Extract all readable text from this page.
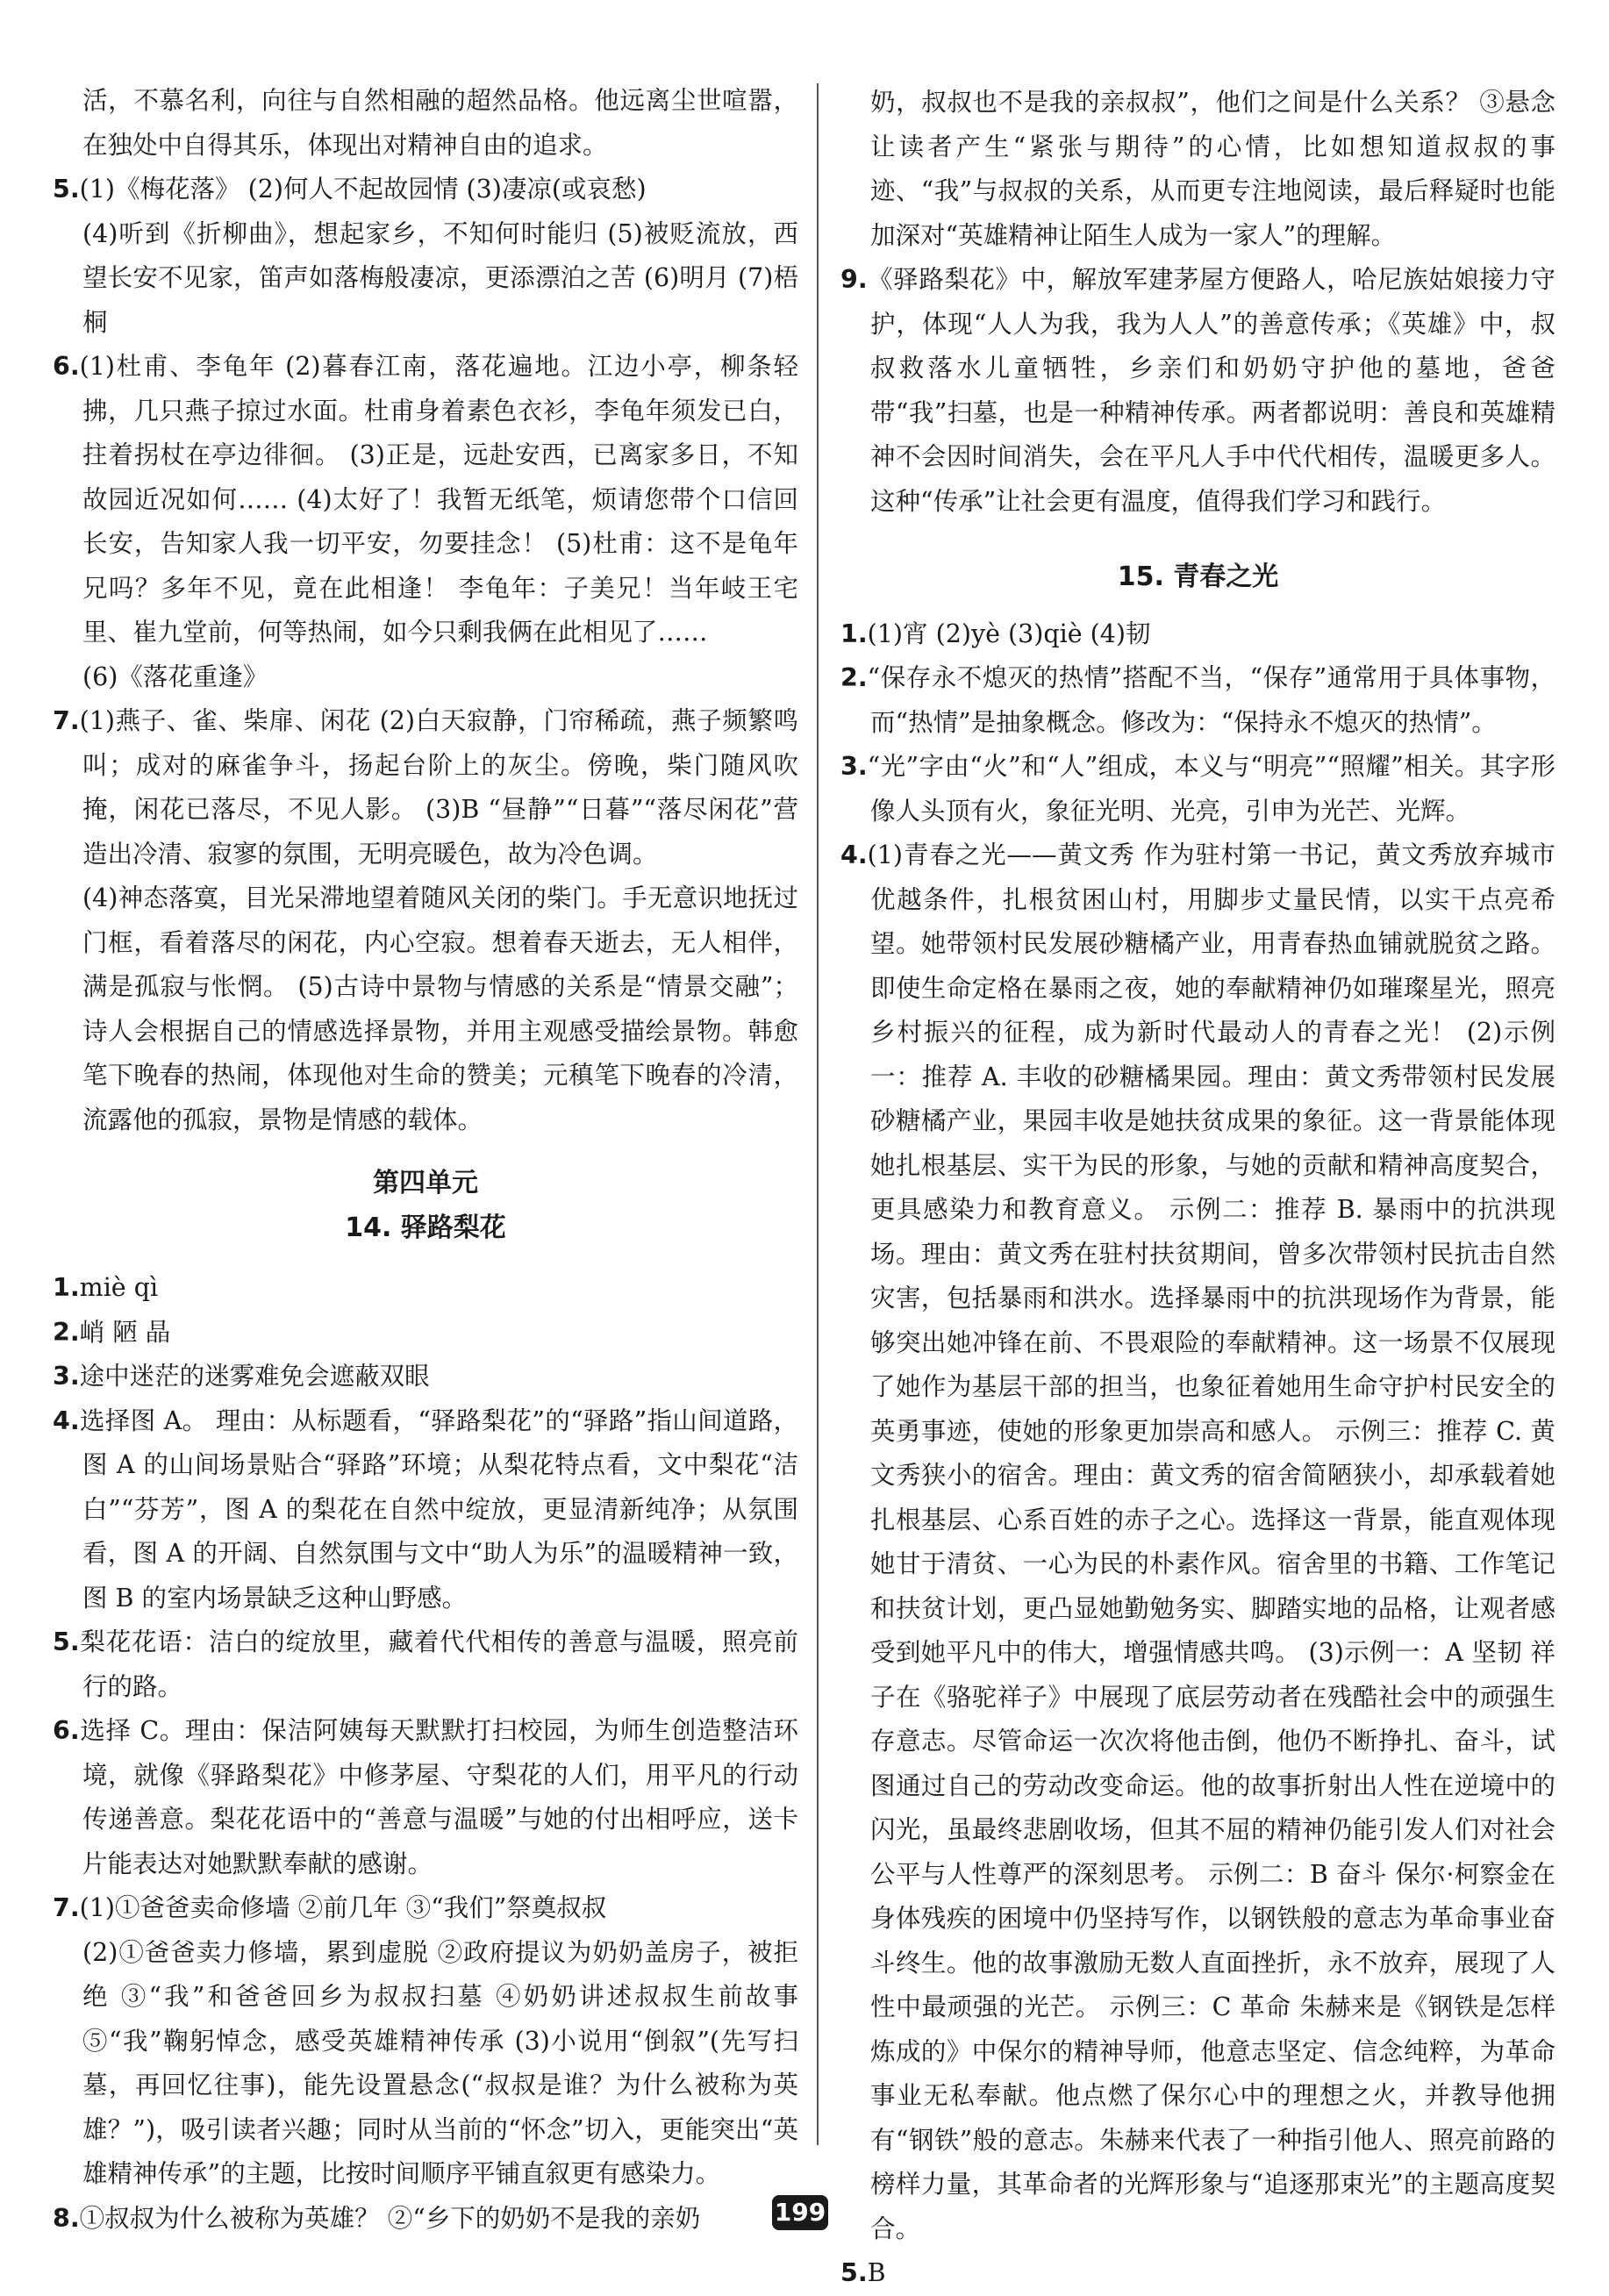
活，不慕名利，向往与自然相融的超然品格。他远离尘世喧嚣，在独处中自得其乐，体现出对精神自由的追求。

5.(1)《梅花落》 (2)何人不起故园情 (3)凄凉(或哀愁)

(4)听到《折柳曲》，想起家乡，不知何时能归 (5)被贬流放，西望长安不见家，笛声如落梅般凄凉，更添漂泊之苦 (6)明月 (7)梧桐

6.(1)杜甫、李龟年 (2)暮春江南，落花遍地。江边小亭，柳条轻拂，几只燕子掠过水面。杜甫身着素色衣衫，李龟年须发已白，拄着拐杖在亭边徘徊。 (3)正是，远赴安西，已离家多日，不知故园近况如何…… (4)太好了！我暂无纸笔，烦请您带个口信回长安，告知家人我一切平安，勿要挂念！ (5)杜甫：这不是龟年兄吗？多年不见，竟在此相逢！ 李龟年：子美兄！当年岐王宅里、崔九堂前，何等热闹，如今只剩我俩在此相见了……

(6)《落花重逢》

7.(1)燕子、雀、柴扉、闲花 (2)白天寂静，门帘稀疏，燕子频繁鸣叫；成对的麻雀争斗，扬起台阶上的灰尘。傍晚，柴门随风吹掩，闲花已落尽，不见人影。 (3)B “昼静”“日暮”“落尽闲花”营造出冷清、寂寥的氛围，无明亮暖色，故为冷色调。

(4)神态落寞，目光呆滞地望着随风关闭的柴门。手无意识地抚过门框，看着落尽的闲花，内心空寂。想着春天逝去，无人相伴，满是孤寂与怅惘。 (5)古诗中景物与情感的关系是“情景交融”；诗人会根据自己的情感选择景物，并用主观感受描绘景物。韩愈笔下晚春的热闹，体现他对生命的赞美；元稹笔下晚春的冷清，流露他的孤寂，景物是情感的载体。

第四单元

14. 驿路梨花

1.miè qì

2.峭 陋 晶

3.途中迷茫的迷雾难免会遮蔽双眼

4.选择图 A。 理由：从标题看，“驿路梨花”的“驿路”指山间道路，图 A 的山间场景贴合“驿路”环境；从梨花特点看，文中梨花“洁白”“芬芳”，图 A 的梨花在自然中绽放，更显清新纯净；从氛围看，图 A 的开阔、自然氛围与文中“助人为乐”的温暖精神一致，图 B 的室内场景缺乏这种山野感。

5.梨花花语：洁白的绽放里，藏着代代相传的善意与温暖，照亮前行的路。

6.选择 C。理由：保洁阿姨每天默默打扫校园，为师生创造整洁环境，就像《驿路梨花》中修茅屋、守梨花的人们，用平凡的行动传递善意。梨花花语中的“善意与温暖”与她的付出相呼应，送卡片能表达对她默默奉献的感谢。

7.(1)①爸爸卖命修墙 ②前几年 ③“我们”祭奠叔叔

(2)①爸爸卖力修墙，累到虚脱 ②政府提议为奶奶盖房子，被拒绝 ③“我”和爸爸回乡为叔叔扫墓 ④奶奶讲述叔叔生前故事 ⑤“我”鞠躬悼念，感受英雄精神传承 (3)小说用“倒叙”(先写扫墓，再回忆往事)，能先设置悬念(“叔叔是谁？为什么被称为英雄？”)，吸引读者兴趣；同时从当前的“怀念”切入，更能突出“英雄精神传承”的主题，比按时间顺序平铺直叙更有感染力。

8.①叔叔为什么被称为英雄？ ②“乡下的奶奶不是我的亲奶

奶，叔叔也不是我的亲叔叔”，他们之间是什么关系？ ③悬念让读者产生“紧张与期待”的心情，比如想知道叔叔的事迹、“我”与叔叔的关系，从而更专注地阅读，最后释疑时也能加深对“英雄精神让陌生人成为一家人”的理解。

9.《驿路梨花》中，解放军建茅屋方便路人，哈尼族姑娘接力守护，体现“人人为我，我为人人”的善意传承；《英雄》中，叔叔救落水儿童牺牲，乡亲们和奶奶守护他的墓地，爸爸带“我”扫墓，也是一种精神传承。两者都说明：善良和英雄精神不会因时间消失，会在平凡人手中代代相传，温暖更多人。这种“传承”让社会更有温度，值得我们学习和践行。

15. 青春之光

1.(1)宵 (2)yè (3)qiè (4)韧

2.“保存永不熄灭的热情”搭配不当，“保存”通常用于具体事物，而“热情”是抽象概念。修改为：“保持永不熄灭的热情”。

3.“光”字由“火”和“人”组成，本义与“明亮”“照耀”相关。其字形像人头顶有火，象征光明、光亮，引申为光芒、光辉。

4.(1)青春之光——黄文秀 作为驻村第一书记，黄文秀放弃城市优越条件，扎根贫困山村，用脚步丈量民情，以实干点亮希望。她带领村民发展砂糖橘产业，用青春热血铺就脱贫之路。即使生命定格在暴雨之夜，她的奉献精神仍如璀璨星光，照亮乡村振兴的征程，成为新时代最动人的青春之光！ (2)示例一：推荐 A. 丰收的砂糖橘果园。理由：黄文秀带领村民发展砂糖橘产业，果园丰收是她扶贫成果的象征。这一背景能体现她扎根基层、实干为民的形象，与她的贡献和精神高度契合，更具感染力和教育意义。 示例二：推荐 B. 暴雨中的抗洪现场。理由：黄文秀在驻村扶贫期间，曾多次带领村民抗击自然灾害，包括暴雨和洪水。选择暴雨中的抗洪现场作为背景，能够突出她冲锋在前、不畏艰险的奉献精神。这一场景不仅展现了她作为基层干部的担当，也象征着她用生命守护村民安全的英勇事迹，使她的形象更加崇高和感人。 示例三：推荐 C. 黄文秀狭小的宿舍。理由：黄文秀的宿舍简陋狭小，却承载着她扎根基层、心系百姓的赤子之心。选择这一背景，能直观体现她甘于清贫、一心为民的朴素作风。宿舍里的书籍、工作笔记和扶贫计划，更凸显她勤勉务实、脚踏实地的品格，让观者感受到她平凡中的伟大，增强情感共鸣。 (3)示例一：A 坚韧 祥子在《骆驼祥子》中展现了底层劳动者在残酷社会中的顽强生存意志。尽管命运一次次将他击倒，他仍不断挣扎、奋斗，试图通过自己的劳动改变命运。他的故事折射出人性在逆境中的闪光，虽最终悲剧收场，但其不屈的精神仍能引发人们对社会公平与人性尊严的深刻思考。 示例二：B 奋斗 保尔·柯察金在身体残疾的困境中仍坚持写作，以钢铁般的意志为革命事业奋斗终生。他的故事激励无数人直面挫折，永不放弃，展现了人性中最顽强的光芒。 示例三：C 革命 朱赫来是《钢铁是怎样炼成的》中保尔的精神导师，他意志坚定、信念纯粹，为革命事业无私奉献。他点燃了保尔心中的理想之火，并教导他拥有“钢铁”般的意志。朱赫来代表了一种指引他人、照亮前路的榜样力量，其革命者的光辉形象与“追逐那束光”的主题高度契合。

5.B

199
